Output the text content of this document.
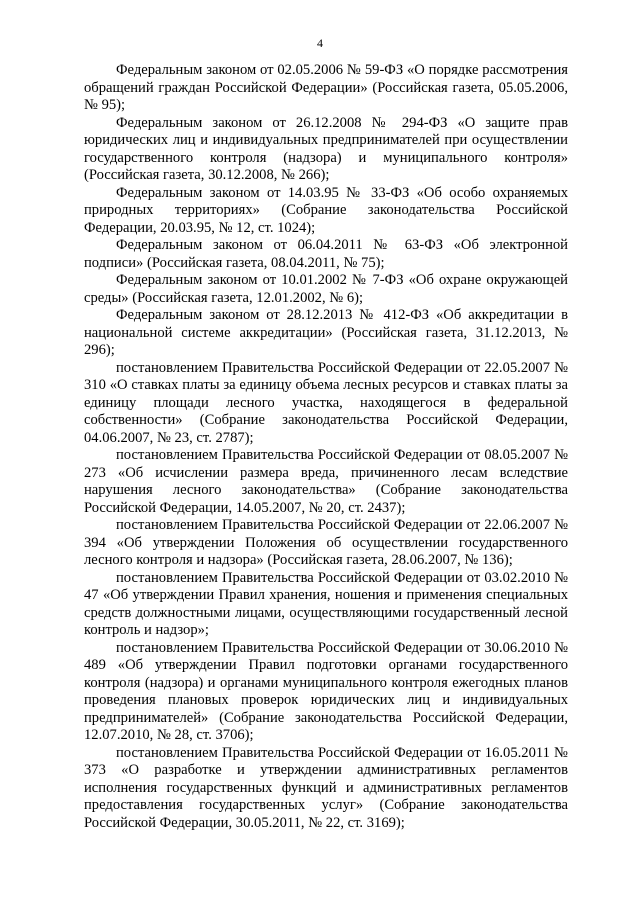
4

Федеральным законом от 02.05.2006 № 59-ФЗ «О порядке рассмотрения обращений граждан Российской Федерации» (Российская газета, 05.05.2006, № 95);

Федеральным законом от 26.12.2008 № 294-ФЗ «О защите прав юридических лиц и индивидуальных предпринимателей при осуществлении государственного контроля (надзора) и муниципального контроля» (Российская газета, 30.12.2008, № 266);

Федеральным законом от 14.03.95 № 33-ФЗ «Об особо охраняемых природных территориях» (Собрание законодательства Российской Федерации, 20.03.95, № 12, ст. 1024);

Федеральным законом от 06.04.2011 № 63-ФЗ «Об электронной подписи» (Российская газета, 08.04.2011, № 75);

Федеральным законом от 10.01.2002 № 7-ФЗ «Об охране окружающей среды» (Российская газета, 12.01.2002, № 6);

Федеральным законом от 28.12.2013 № 412-ФЗ «Об аккредитации в национальной системе аккредитации» (Российская газета, 31.12.2013, № 296);

постановлением Правительства Российской Федерации от 22.05.2007 № 310 «О ставках платы за единицу объема лесных ресурсов и ставках платы за единицу площади лесного участка, находящегося в федеральной собственности» (Собрание законодательства Российской Федерации, 04.06.2007, № 23, ст. 2787);

постановлением Правительства Российской Федерации от 08.05.2007 № 273 «Об исчислении размера вреда, причиненного лесам вследствие нарушения лесного законодательства» (Собрание законодательства Российской Федерации, 14.05.2007, № 20, ст. 2437);

постановлением Правительства Российской Федерации от 22.06.2007 № 394 «Об утверждении Положения об осуществлении государственного лесного контроля и надзора» (Российская газета, 28.06.2007, № 136);

постановлением Правительства Российской Федерации от 03.02.2010 № 47 «Об утверждении Правил хранения, ношения и применения специальных средств должностными лицами, осуществляющими государственный лесной контроль и надзор»;

постановлением Правительства Российской Федерации от 30.06.2010 № 489 «Об утверждении Правил подготовки органами государственного контроля (надзора) и органами муниципального контроля ежегодных планов проведения плановых проверок юридических лиц и индивидуальных предпринимателей» (Собрание законодательства Российской Федерации, 12.07.2010, № 28, ст. 3706);

постановлением Правительства Российской Федерации от 16.05.2011 № 373 «О разработке и утверждении административных регламентов исполнения государственных функций и административных регламентов предоставления государственных услуг» (Собрание законодательства Российской Федерации, 30.05.2011, № 22, ст. 3169);
